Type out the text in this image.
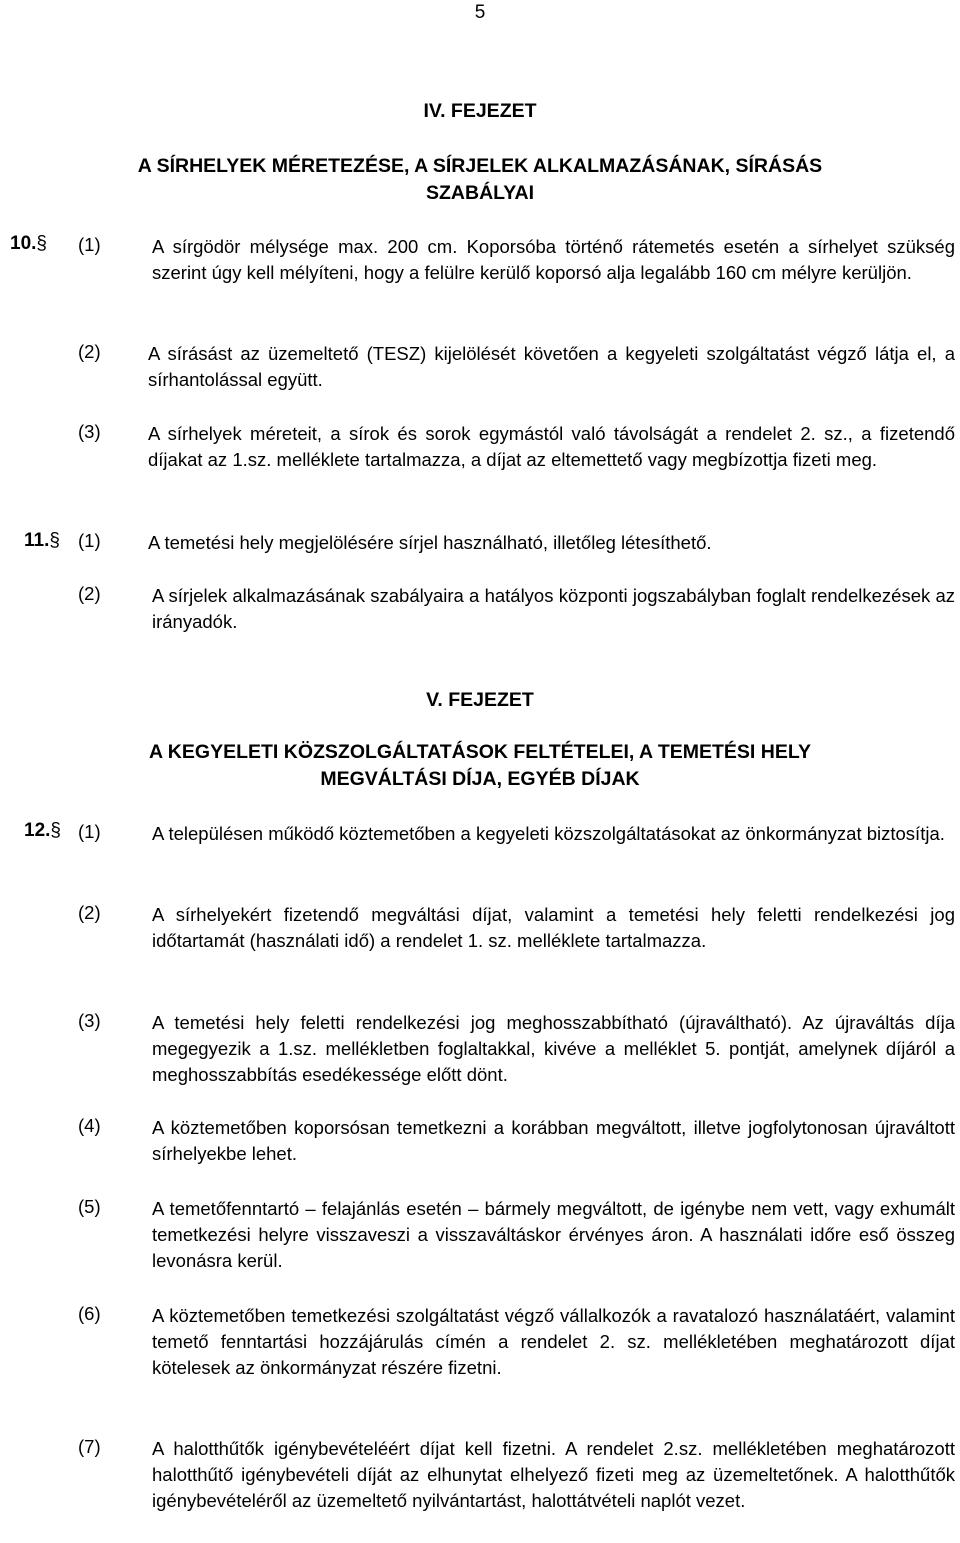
5
IV. FEJEZET
A SÍRHELYEK MÉRETEZÉSE, A SÍRJELEK ALKALMAZÁSÁNAK, SÍRÁSÁS
SZABÁLYAI
10.§ (1)	A sírgödör mélysége max. 200 cm. Koporsóba történő rátemetés esetén a sírhelyet szükség szerint úgy kell mélyíteni, hogy a felülre kerülő koporsó alja legalább 160 cm mélyre kerüljön.
(2)	A sírásást az üzemeltető (TESZ) kijelölését követően a kegyeleti szolgáltatást végző látja el, a sírhantolással együtt.
(3)	A sírhelyek méreteit, a sírok és sorok egymástól való távolságát a rendelet 2. sz., a fizetendő díjakat az 1.sz. melléklete tartalmazza, a díjat az eltemettető vagy megbízottja fizeti meg.
11.§ (1)	A temetési hely megjelölésére sírjel használható, illetőleg létesíthető.
(2)	A sírjelek alkalmazásának szabályaira a hatályos központi jogszabályban foglalt rendelkezések az irányadók.
V. FEJEZET
A KEGYELETI KÖZSZOLGÁLTATÁSOK FELTÉTELEI, A TEMETÉSI HELY
MEGVÁLTÁSI DÍJA, EGYÉB DÍJAK
12.§ (1)	A településen működő köztemetőben a kegyeleti közszolgáltatásokat az önkormányzat biztosítja.
(2)	A sírhelyekért fizetendő megváltási díjat, valamint a temetési hely feletti rendelkezési jog időtartamát (használati idő) a rendelet 1. sz. melléklete tartalmazza.
(3)	A temetési hely feletti rendelkezési jog meghosszabbítható (újraváltható). Az újraváltás díja megegyezik a 1.sz. mellékletben foglaltakkal, kivéve a melléklet 5. pontját, amelynek díjáról a meghosszabbítás esedékessége előtt dönt.
(4)	A köztemetőben koporsósan temetkezni a korábban megváltott, illetve jogfolytonosan újraváltott sírhelyekbe lehet.
(5)	A temetőfenntartó – felajánlás esetén – bármely megváltott, de igénybe nem vett, vagy exhumált temetkezési helyre visszaveszi a visszaváltáskor érvényes áron. A használati időre eső összeg levonásra kerül.
(6)	A köztemetőben temetkezési szolgáltatást végző vállalkozók a ravatalozó használatáért, valamint temető fenntartási hozzájárulás címén a rendelet 2. sz. mellékletében meghatározott díjat kötelesek az önkormányzat részére fizetni.
(7)	A halotthűtők igénybevételéért díjat kell fizetni. A rendelet 2.sz. mellékletében meghatározott halotthűtő igénybevételi díját az elhunytat elhelyező fizeti meg az üzemeltetőnek. A halotthűtők igénybevételéről az üzemeltető nyilvántartást, halottátvételi naplót vezet.
